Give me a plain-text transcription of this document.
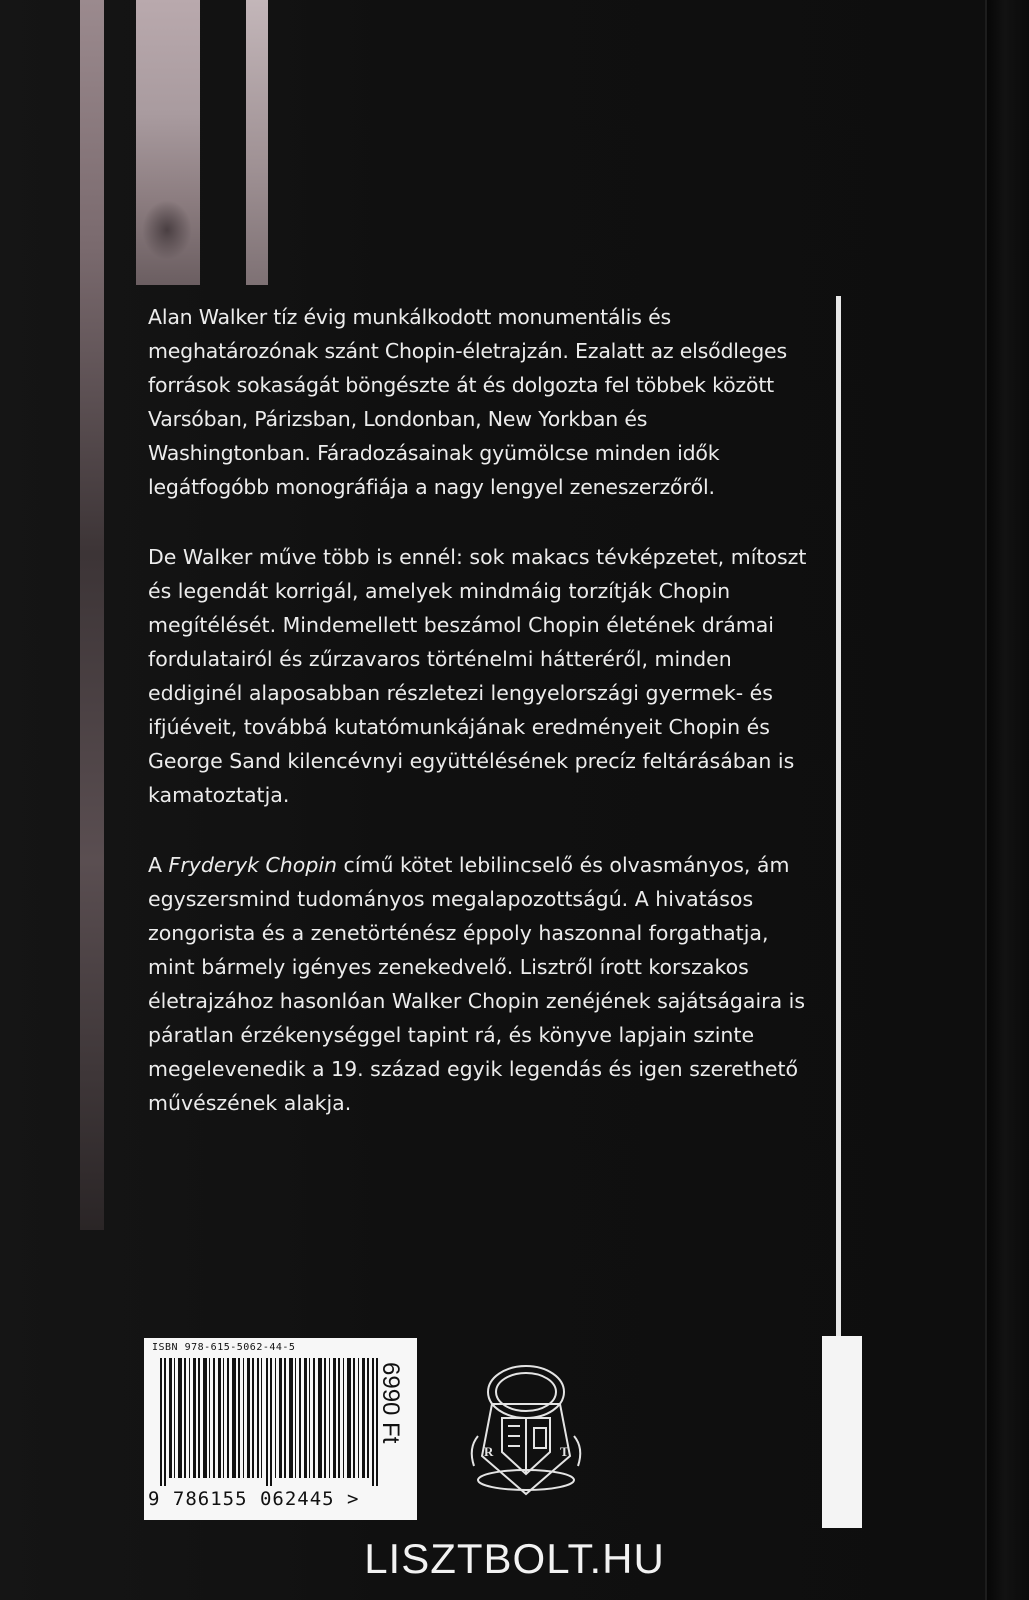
Alan Walker tíz évig munkálkodott monumentális és meghatározónak szánt Chopin-életrajzán. Ezalatt az elsődleges források sokaságát böngészte át és dolgozta fel többek között Varsóban, Párizsban, Londonban, New Yorkban és Washingtonban. Fáradozásainak gyümölcse minden idők legátfogóbb monográfiája a nagy lengyel zeneszerzőről.

De Walker műve több is ennél: sok makacs tévképzetet, mítoszt és legendát korrigál, amelyek mindmáig torzítják Chopin megítélését. Mindemellett beszámol Chopin életének drámai fordulatairól és zűrzavaros történelmi hátteréről, minden eddiginél alaposabban részletezi lengyelországi gyermek- és ifjúéveit, továbbá kutatómunkájának eredményeit Chopin és George Sand kilencévnyi együttélésének precíz feltárásában is kamatoztatja.

A Fryderyk Chopin című kötet lebilincselő és olvasmányos, ám egyszersmind tudományos megalapozottságú. A hivatásos zongorista és a zenetörténész éppoly haszonnal forgathatja, mint bármely igényes zenekedvelő. Lisztről írott korszakos életrajzához hasonlóan Walker Chopin zenéjének sajátságaira is páratlan érzékenységgel tapint rá, és könyve lapjain szinte megelevenedik a 19. század egyik legendás és igen szerethető művészének alakja.

ISBN 978-615-5062-44-5
9 786155 062445 >
6990 Ft
R	T
LISZTBOLT.HU
